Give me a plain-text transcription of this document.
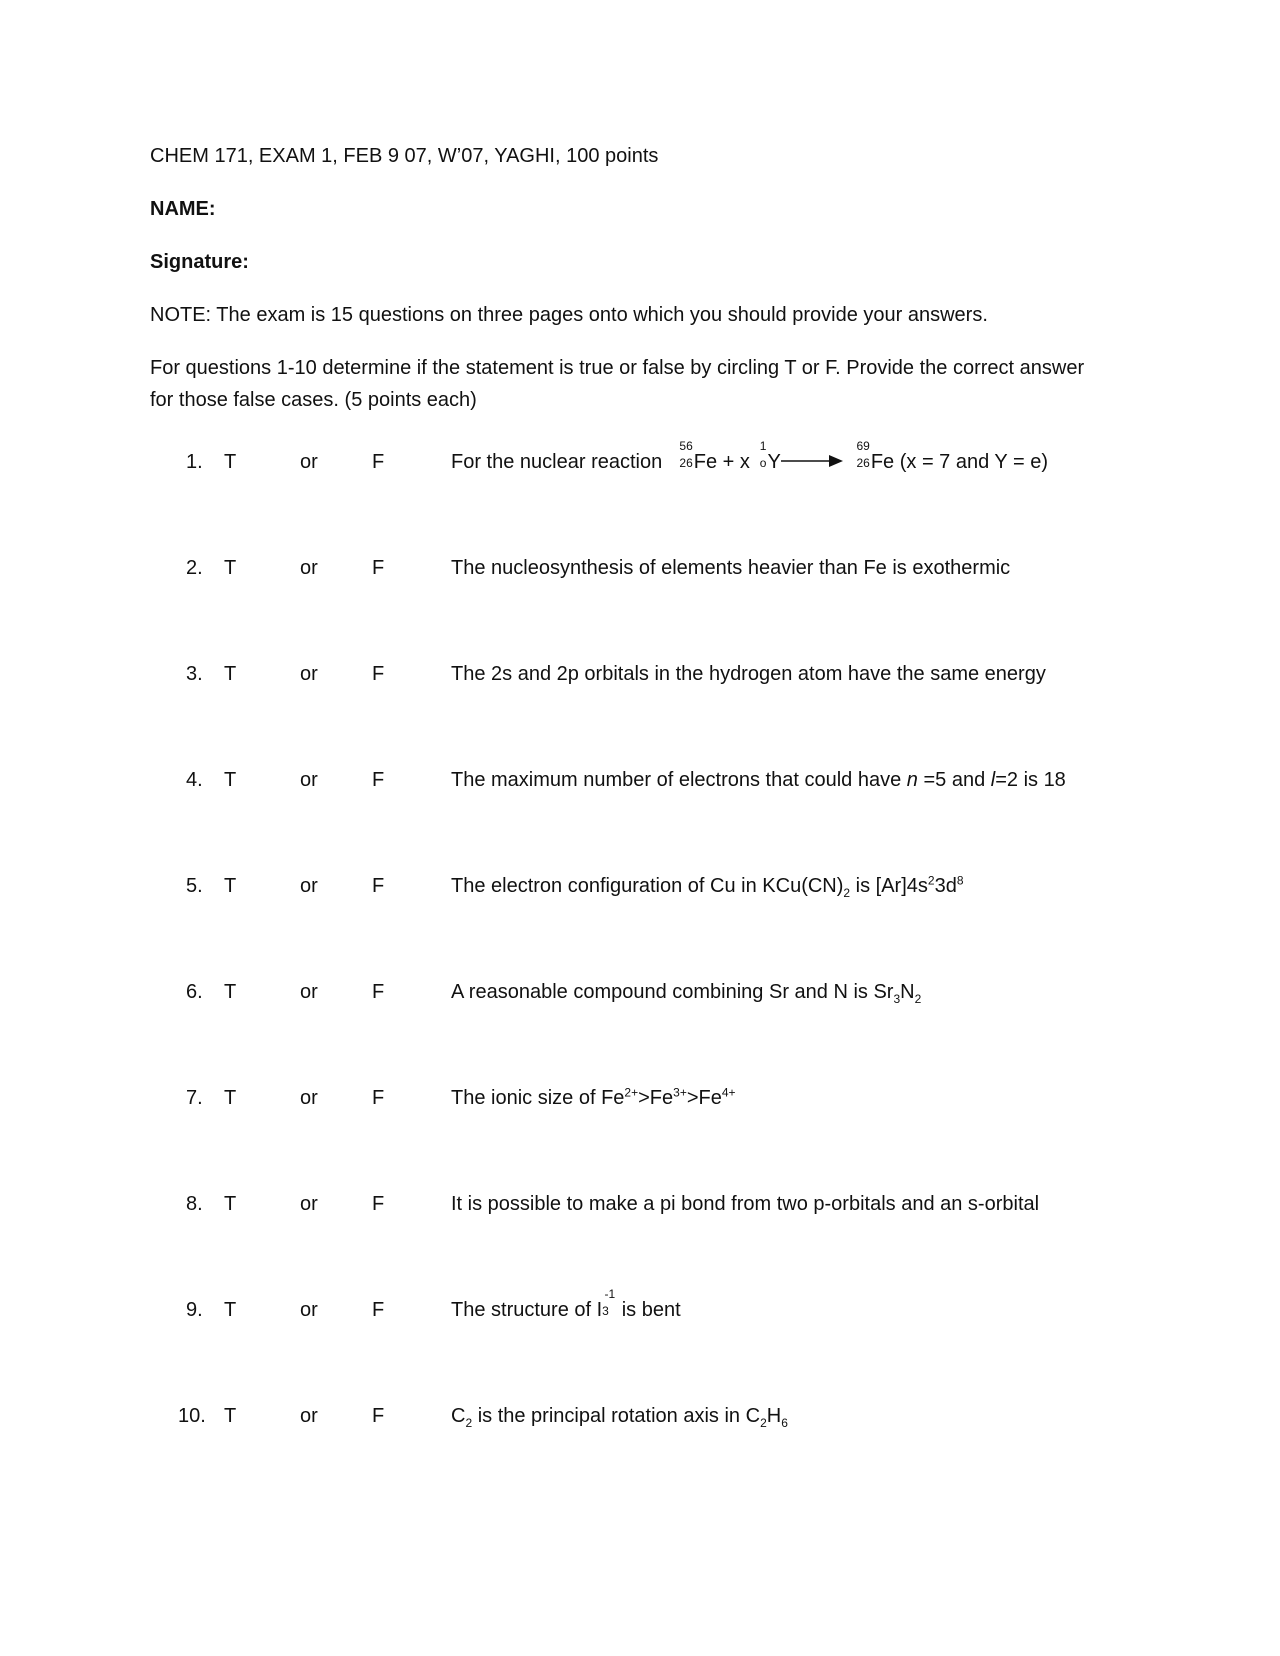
CHEM 171, EXAM 1, FEB 9 07, W’07, YAGHI, 100 points
NAME:
Signature:
NOTE: The exam is 15 questions on three pages onto which you should provide your answers.
For questions 1-10 determine if the statement is true or false by circling T or F. Provide the correct answer for those false cases. (5 points each)
1. T	or	F	For the nuclear reaction
56
26 Fe + x
1
o Y→
69
26 Fe (x = 7 and Y = e)
2. T	or	F	The nucleosynthesis of elements heavier than Fe is exothermic
3. T	or	F	The 2s and 2p orbitals in the hydrogen atom have the same energy
4. T	or	F	The maximum number of electrons that could have n =5 and l=2 is 18
5. T	or	F	The electron configuration of Cu in $KCu(CN)_2$ is $[Ar]4s^23d^8$
6. T	or	F	A reasonable compound combining Sr and N is $Sr_3N_2$
7. T	or	F	The ionic size of $Fe^{2+}>Fe^{3+}>Fe^{4+}$
8. T	or	F	It is possible to make a pi bond from two p-orbitals and an s-orbital
9. T	or	F	The structure of I
-1
3 is bent
10. T	or	F	$C_2$ is the principal rotation axis in $C_2H_6$
